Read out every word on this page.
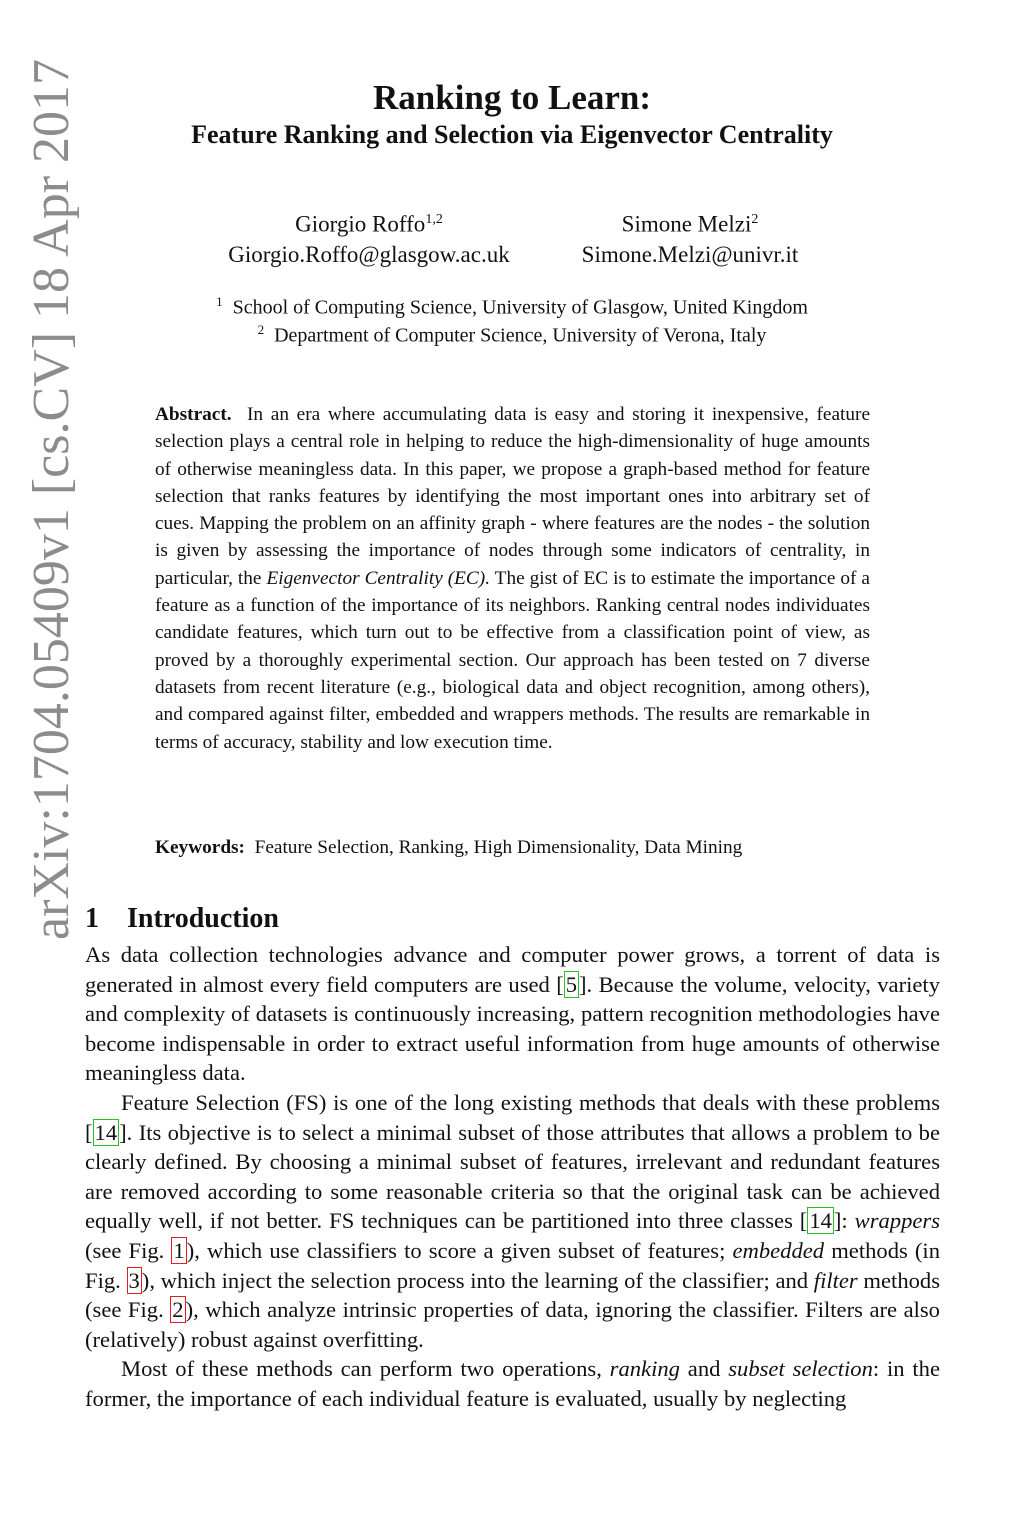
arXiv:1704.05409v1 [cs.CV] 18 Apr 2017	Ranking to Learn:
Feature Ranking and Selection via Eigenvector Centrality
Giorgio Roffo$^{1,2}$
Giorgio.Roffo@glasgow.ac.uk
Simone Melzi$^2$
Simone.Melzi@univr.it
$^1$ School of Computing Science, University of Glasgow, United Kingdom
$^2$ Department of Computer Science, University of Verona, Italy
Abstract. In an era where accumulating data is easy and storing it inexpensive, feature selection plays a central role in helping to reduce the high-dimensionality of huge amounts of otherwise meaningless data. In this paper, we propose a graph-based method for feature selection that ranks features by identifying the most important ones into arbitrary set of cues. Mapping the problem on an affinity graph - where features are the nodes - the solution is given by assessing the importance of nodes through some indicators of centrality, in particular, the Eigenvector Centrality (EC). The gist of EC is to estimate the importance of a feature as a function of the importance of its neighbors. Ranking central nodes individuates candidate features, which turn out to be effective from a classification point of view, as proved by a thoroughly experimental section. Our approach has been tested on 7 diverse datasets from recent literature (e.g., biological data and object recognition, among others), and compared against filter, embedded and wrappers methods. The results are remarkable in terms of accuracy, stability and low execution time.
Keywords: Feature Selection, Ranking, High Dimensionality, Data Mining
1 Introduction

As data collection technologies advance and computer power grows, a torrent of data is generated in almost every field computers are used [5]. Because the volume, velocity, variety and complexity of datasets is continuously increasing, pattern recognition methodologies have become indispensable in order to extract useful information from huge amounts of otherwise meaningless data.

Feature Selection (FS) is one of the long existing methods that deals with these problems [14]. Its objective is to select a minimal subset of those attributes that allows a problem to be clearly defined. By choosing a minimal subset of features, irrelevant and redundant features are removed according to some reasonable criteria so that the original task can be achieved equally well, if not better. FS techniques can be partitioned into three classes [14]: wrappers (see Fig. 1), which use classifiers to score a given subset of features; embedded methods (in Fig. 3), which inject the selection process into the learning of the classifier; and filter methods (see Fig. 2), which analyze intrinsic properties of data, ignoring the classifier. Filters are also (relatively) robust against overfitting.

Most of these methods can perform two operations, ranking and subset selection: in the former, the importance of each individual feature is evaluated, usually by neglecting
